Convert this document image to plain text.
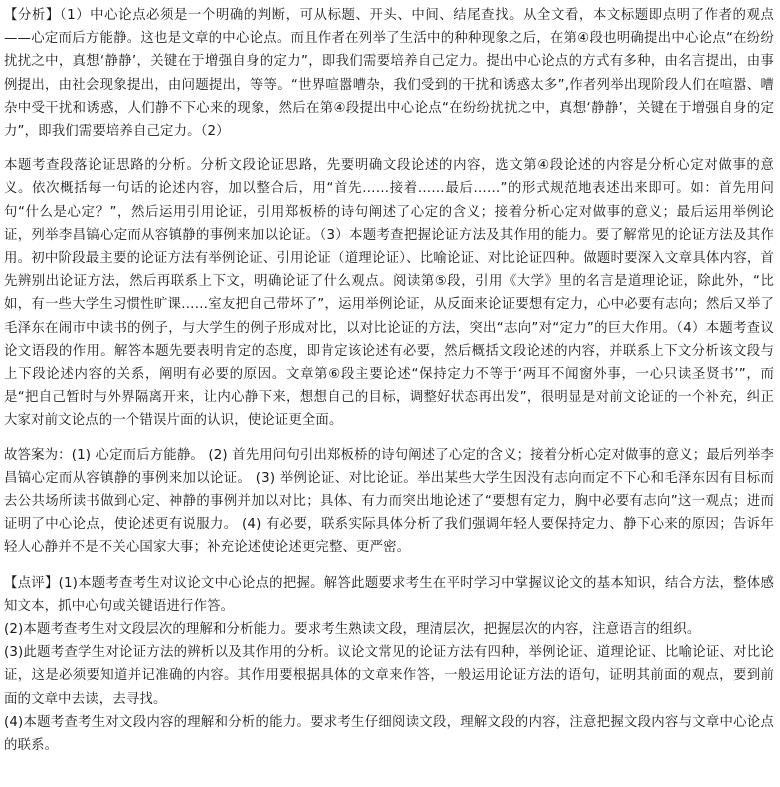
【分析】（1）中心论点必须是一个明确的判断，可从标题、开头、中间、结尾查找。从全文看，本文标题即点明了作者的观点——心定而后方能静。这也是文章的中心论点。而且作者在列举了生活中的种种现象之后，在第④段也明确提出中心论点“在纷纷扰扰之中，真想‘静静’，关键在于增强自身的定力”，即我们需要培养自己定力。提出中心论点的方式有多种，由名言提出，由事例提出，由社会现象提出，由问题提出，等等。“世界喧嚣嘈杂，我们受到的干扰和诱惑太多”,作者列举出现阶段人们在喧嚣、嘈杂中受干扰和诱惑，人们静不下心来的现象，然后在第④段提出中心论点“在纷纷扰扰之中，真想‘静静’，关键在于增强自身的定力”，即我们需要培养自己定力。（2）

本题考查段落论证思路的分析。分析文段论证思路，先要明确文段论述的内容，选文第④段论述的内容是分析心定对做事的意义。依次概括每一句话的论述内容，加以整合后，用“首先……接着……最后……”的形式规范地表述出来即可。如：首先用问句“什么是心定？”，然后运用引用论证，引用郑板桥的诗句阐述了心定的含义；接着分析心定对做事的意义；最后运用举例论证，列举李昌镐心定而从容镇静的事例来加以论证。（3）本题考查把握论证方法及其作用的能力。要了解常见的论证方法及其作用。初中阶段最主要的论证方法有举例论证、引用论证（道理论证）、比喻论证、对比论证四种。做题时要深入文章具体内容，首先辨别出论证方法，然后再联系上下文，明确论证了什么观点。阅读第⑤段，引用《大学》里的名言是道理论证，除此外，“比如，有一些大学生习惯性旷课……室友把自己带坏了”，运用举例论证，从反面来论证要想有定力，心中必要有志向；然后又举了毛泽东在闹市中读书的例子，与大学生的例子形成对比，以对比论证的方法，突出“志向”对“定力”的巨大作用。（4）本题考查议论文语段的作用。解答本题先要表明肯定的态度，即肯定该论述有必要，然后概括文段论述的内容，并联系上下文分析该文段与上下段论述内容的关系，阐明有必要的原因。文章第⑥段主要论述“保持定力不等于‘两耳不闻窗外事，一心只读圣贤书’”，而是“把自己暂时与外界隔离开来，让内心静下来，想想自己的目标，调整好状态再出发”，很明显是对前文论证的一个补充，纠正大家对前文论点的一个错误片面的认识，使论证更全面。

故答案为：(1) 心定而后方能静。 (2) 首先用问句引出郑板桥的诗句阐述了心定的含义；接着分析心定对做事的意义；最后列举李昌镐心定而从容镇静的事例来加以论证。 (3) 举例论证、对比论证。举出某些大学生因没有志向而定不下心和毛泽东因有目标而去公共场所读书做到心定、神静的事例并加以对比；具体、有力而突出地论述了“要想有定力，胸中必要有志向”这一观点；进而证明了中心论点，使论述更有说服力。 (4) 有必要，联系实际具体分析了我们强调年轻人要保持定力、静下心来的原因；告诉年轻人心静并不是不关心国家大事；补充论述使论述更完整、更严密。

【点评】(1)本题考查考生对议论文中心论点的把握。解答此题要求考生在平时学习中掌握议论文的基本知识，结合方法，整体感知文本，抓中心句或关键语进行作答。

(2)本题考查考生对文段层次的理解和分析能力。要求考生熟读文段，理清层次，把握层次的内容，注意语言的组织。

(3)此题考查学生对论证方法的辨析以及其作用的分析。议论文常见的论证方法有四种，举例论证、道理论证、比喻论证、对比论证，这是必须要知道并记准确的内容。其作用要根据具体的文章来作答，一般运用论证方法的语句，证明其前面的观点，要到前面的文章中去读，去寻找。

(4)本题考查考生对文段内容的理解和分析的能力。要求考生仔细阅读文段，理解文段的内容，注意把握文段内容与文章中心论点的联系。
